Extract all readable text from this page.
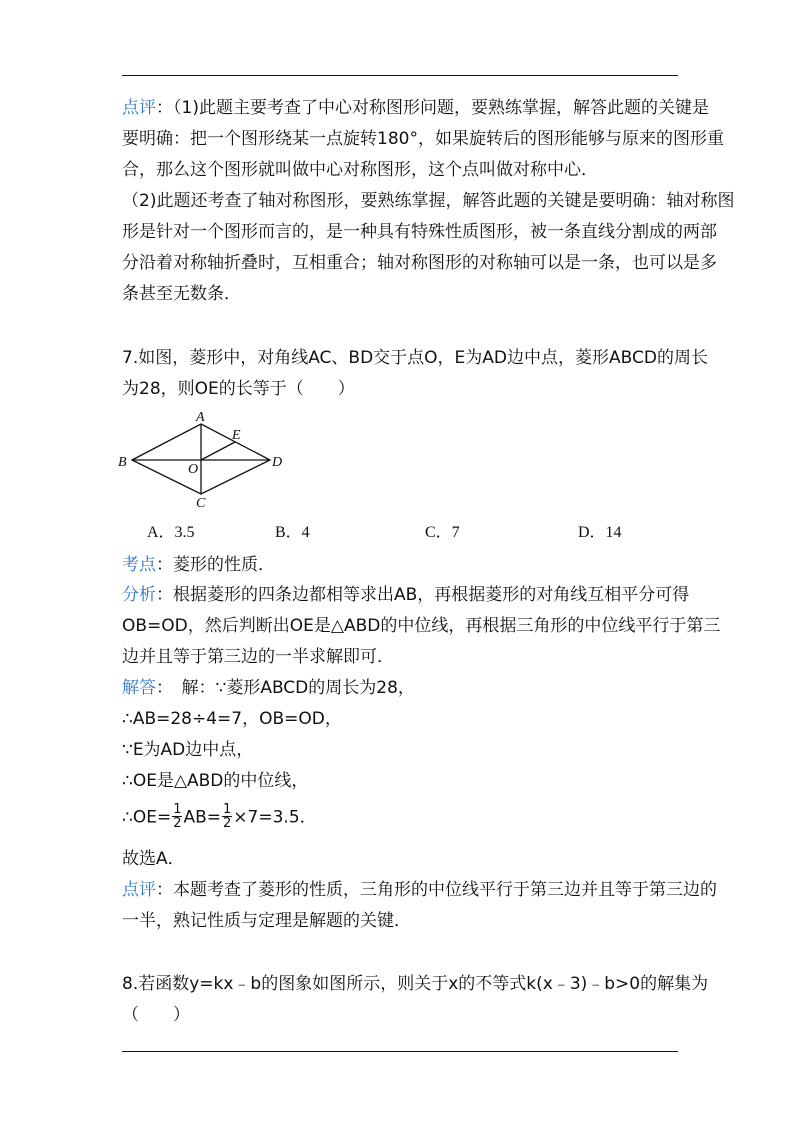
点评：（1)此题主要考查了中心对称图形问题，要熟练掌握，解答此题的关键是
要明确：把一个图形绕某一点旋转180°，如果旋转后的图形能够与原来的图形重
合，那么这个图形就叫做中心对称图形，这个点叫做对称中心．
（2)此题还考查了轴对称图形，要熟练掌握，解答此题的关键是要明确：轴对称图
形是针对一个图形而言的，是一种具有特殊性质图形，被一条直线分割成的两部
分沿着对称轴折叠时，互相重合；轴对称图形的对称轴可以是一条，也可以是多
条甚至无数条．
7.如图，菱形中，对角线AC、BD交于点O，E为AD边中点，菱形ABCD的周长
为28，则OE的长等于（　　）
A
B
C
D
E
O
A．3.5	B．4	C．7	D．14
考点：菱形的性质．
分析：根据菱形的四条边都相等求出AB，再根据菱形的对角线互相平分可得
OB=OD，然后判断出OE是△ABD的中位线，再根据三角形的中位线平行于第三
边并且等于第三边的一半求解即可．
解答：　解：∵菱形ABCD的周长为28，
∴AB=28÷4=7，OB=OD，
∵E为AD边中点，
∴OE是△ABD的中位线，
∴OE= $\frac{1}{2} AB= \frac{1}{2} \times 7=3.5$．
故选A．
点评：本题考查了菱形的性质，三角形的中位线平行于第三边并且等于第三边的
一半，熟记性质与定理是解题的关键．
8.若函数y=kx﹣b的图象如图所示，则关于x的不等式k(x﹣3)﹣b>0的解集为
（　　）
